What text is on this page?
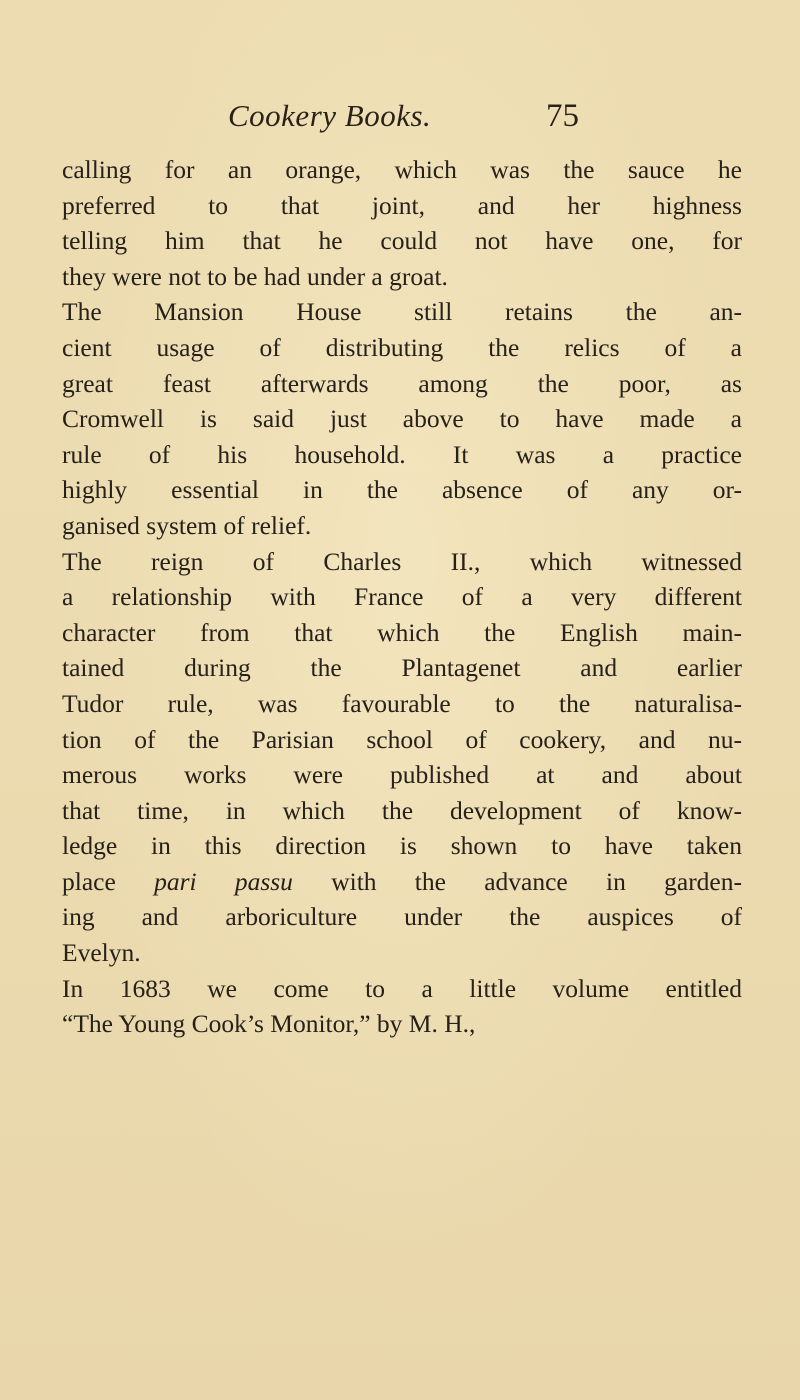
Cookery Books.	75
calling for an orange, which was the sauce he
preferred to that joint, and her highness
telling him that he could not have one, for
they were not to be had under a groat.
The Mansion House still retains the an-
cient usage of distributing the relics of a
great feast afterwards among the poor, as
Cromwell is said just above to have made a
rule of his household. It was a practice
highly essential in the absence of any or-
ganised system of relief.
The reign of Charles II., which witnessed
a relationship with France of a very different
character from that which the English main-
tained during the Plantagenet and earlier
Tudor rule, was favourable to the naturalisa-
tion of the Parisian school of cookery, and nu-
merous works were published at and about
that time, in which the development of know-
ledge in this direction is shown to have taken
place pari passu with the advance in garden-
ing and arboriculture under the auspices of
Evelyn.
In 1683 we come to a little volume entitled
“The Young Cook’s Monitor,” by M. H.,
